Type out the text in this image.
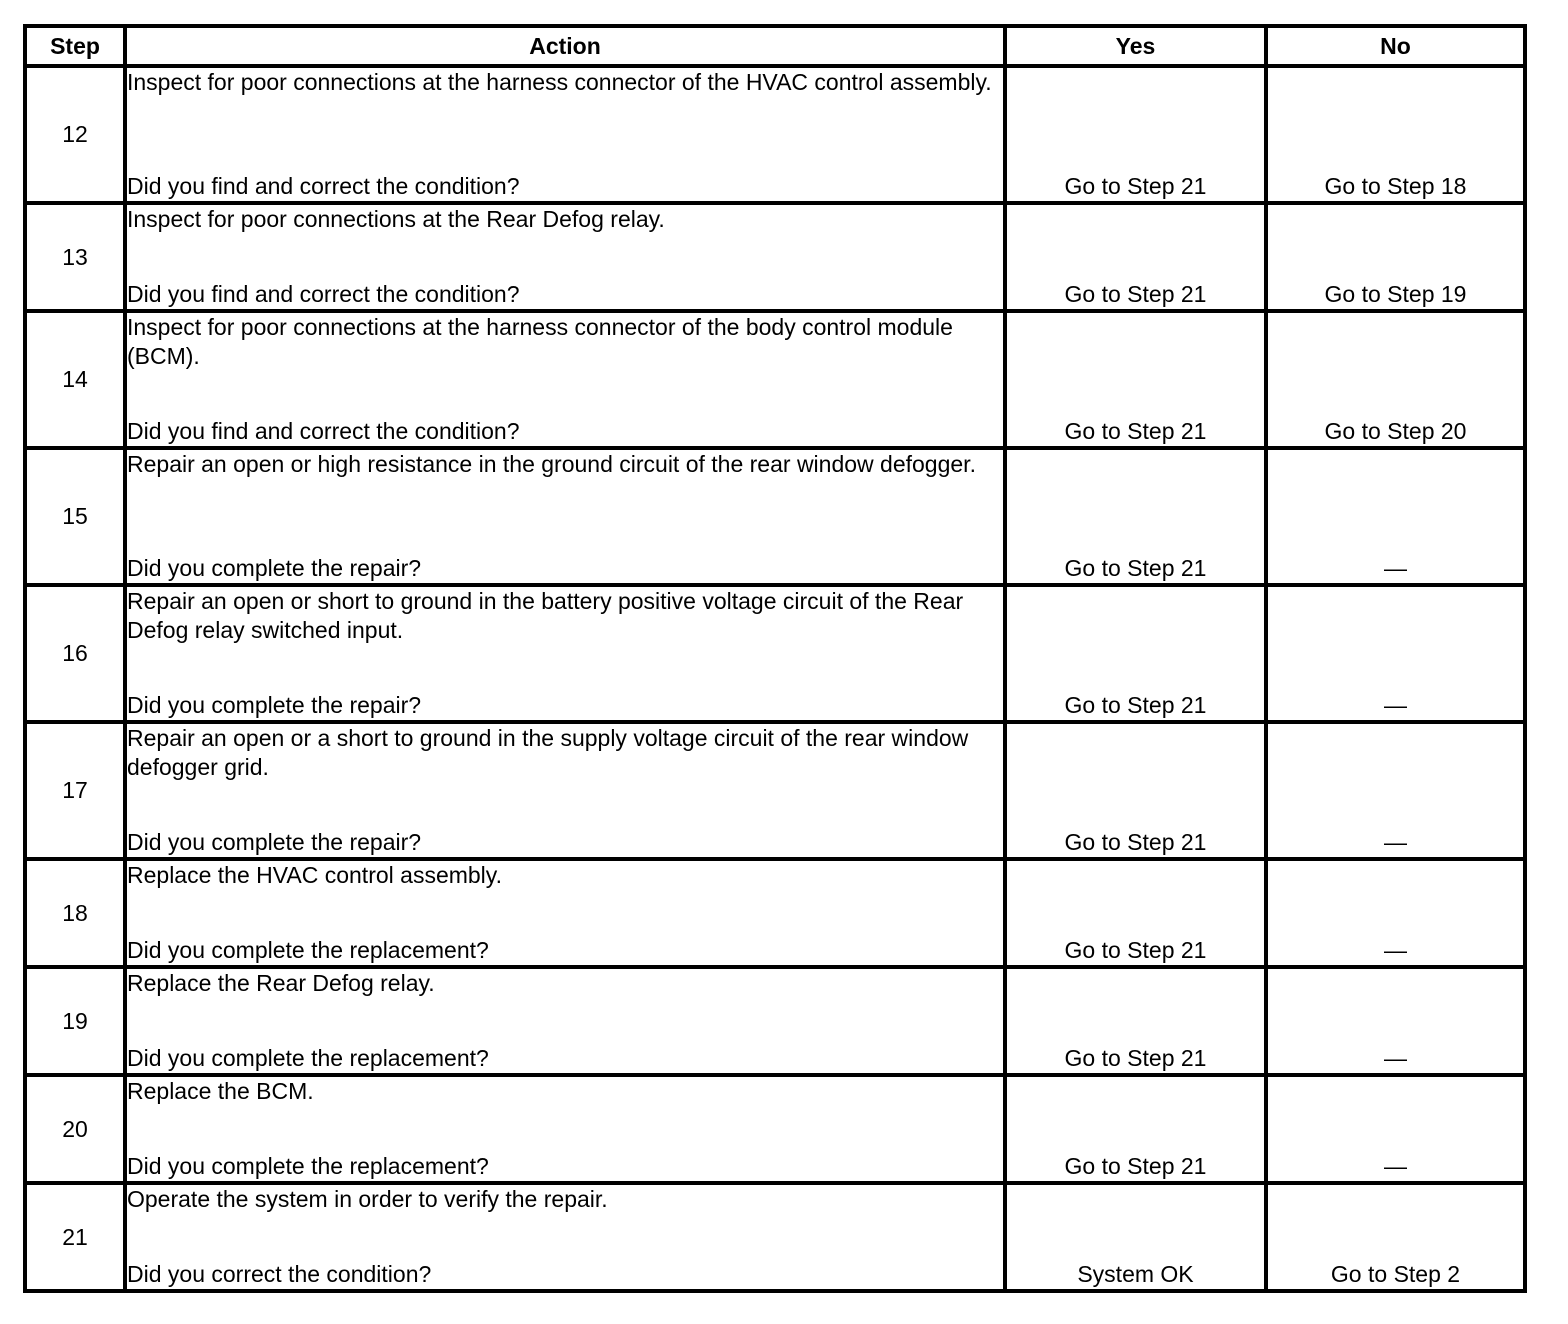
Step	Action	Yes	No
12	Inspect for poor connections at the harness connector of the HVAC control assembly.
Did you find and correct the condition?	Go to Step 21	Go to Step 18
13	Inspect for poor connections at the Rear Defog relay.
Did you find and correct the condition?	Go to Step 21	Go to Step 19
14	Inspect for poor connections at the harness connector of the body control module (BCM).
Did you find and correct the condition?	Go to Step 21	Go to Step 20
15	Repair an open or high resistance in the ground circuit of the rear window defogger.
Did you complete the repair?	Go to Step 21	—
16	Repair an open or short to ground in the battery positive voltage circuit of the Rear Defog relay switched input.
Did you complete the repair?	Go to Step 21	—
17	Repair an open or a short to ground in the supply voltage circuit of the rear window defogger grid.
Did you complete the repair?	Go to Step 21	—
18	Replace the HVAC control assembly.
Did you complete the replacement?	Go to Step 21	—
19	Replace the Rear Defog relay.
Did you complete the replacement?	Go to Step 21	—
20	Replace the BCM.
Did you complete the replacement?	Go to Step 21	—
21	Operate the system in order to verify the repair.
Did you correct the condition?	System OK	Go to Step 2
